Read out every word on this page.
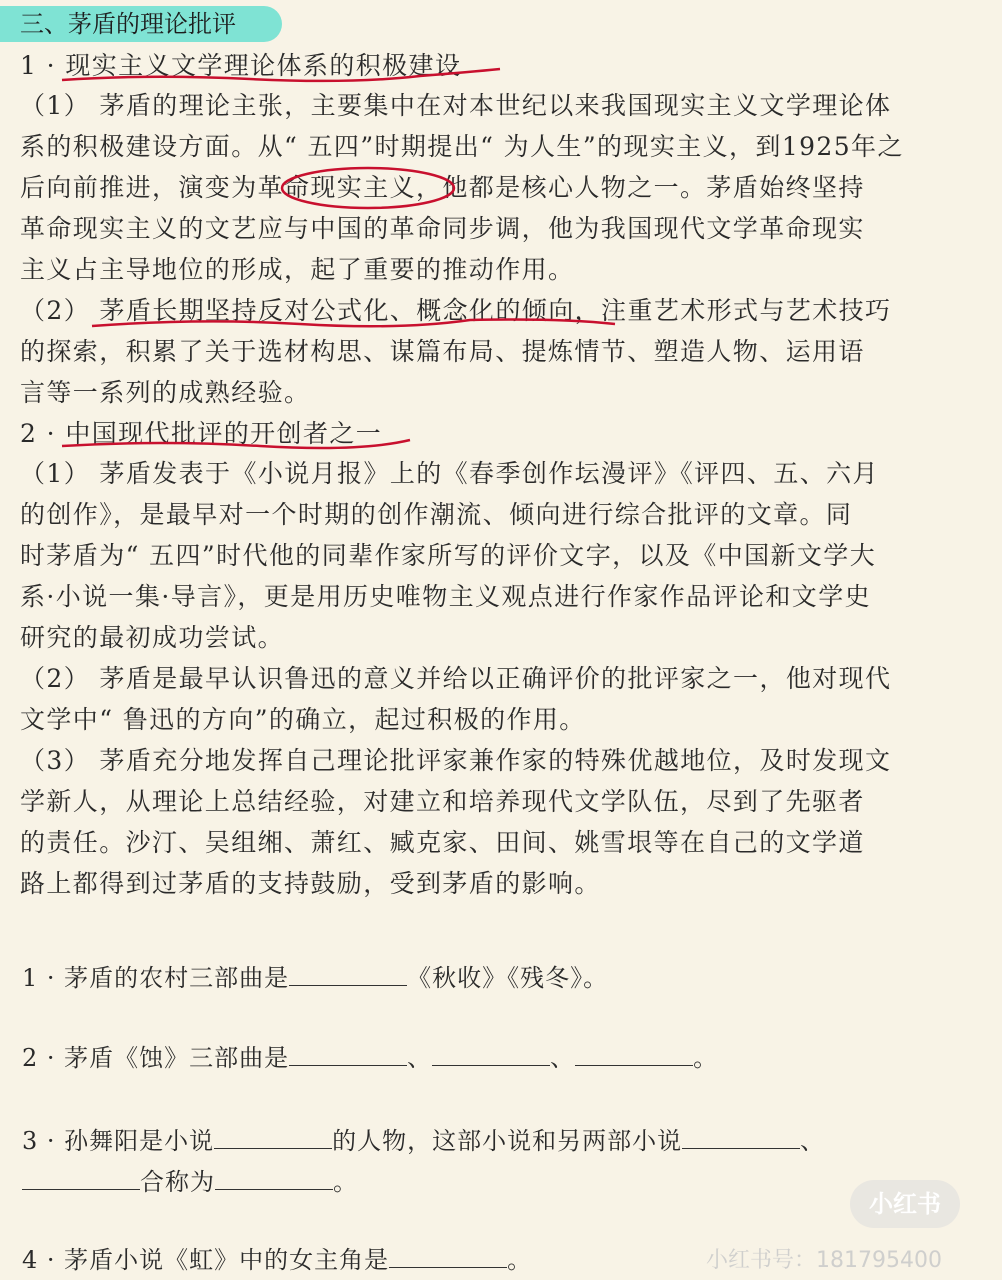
三、茅盾的理论批评
1 · 现实主义文学理论体系的积极建设
（1） 茅盾的理论主张，主要集中在对本世纪以来我国现实主义文学理论体
系的积极建设方面。从“ 五四”时期提出“ 为人生”的现实主义，到1925年之
后向前推进，演变为革命现实主义，他都是核心人物之一。茅盾始终坚持
革命现实主义的文艺应与中国的革命同步调，他为我国现代文学革命现实
主义占主导地位的形成，起了重要的推动作用。
（2） 茅盾长期坚持反对公式化、概念化的倾向，注重艺术形式与艺术技巧
的探索，积累了关于选材构思、谋篇布局、提炼情节、塑造人物、运用语
言等一系列的成熟经验。
2 · 中国现代批评的开创者之一
（1） 茅盾发表于《小说月报》上的《春季创作坛漫评》《评四、五、六月
的创作》，是最早对一个时期的创作潮流、倾向进行综合批评的文章。同
时茅盾为“ 五四”时代他的同辈作家所写的评价文字，以及《中国新文学大
系·小说一集·导言》，更是用历史唯物主义观点进行作家作品评论和文学史
研究的最初成功尝试。
（2） 茅盾是最早认识鲁迅的意义并给以正确评价的批评家之一，他对现代
文学中“ 鲁迅的方向”的确立，起过积极的作用。
（3） 茅盾充分地发挥自己理论批评家兼作家的特殊优越地位，及时发现文
学新人，从理论上总结经验，对建立和培养现代文学队伍，尽到了先驱者
的责任。沙汀、吴组缃、萧红、臧克家、田间、姚雪垠等在自己的文学道
路上都得到过茅盾的支持鼓励，受到茅盾的影响。
1 · 茅盾的农村三部曲是	《秋收》《残冬》。
2 · 茅盾《蚀》三部曲是	、	、	。
3 · 孙舞阳是小说	的人物，这部小说和另两部小说	、
合称为	。
4 · 茅盾小说《虹》中的女主角是	。
小红书
小红书号：181795400
